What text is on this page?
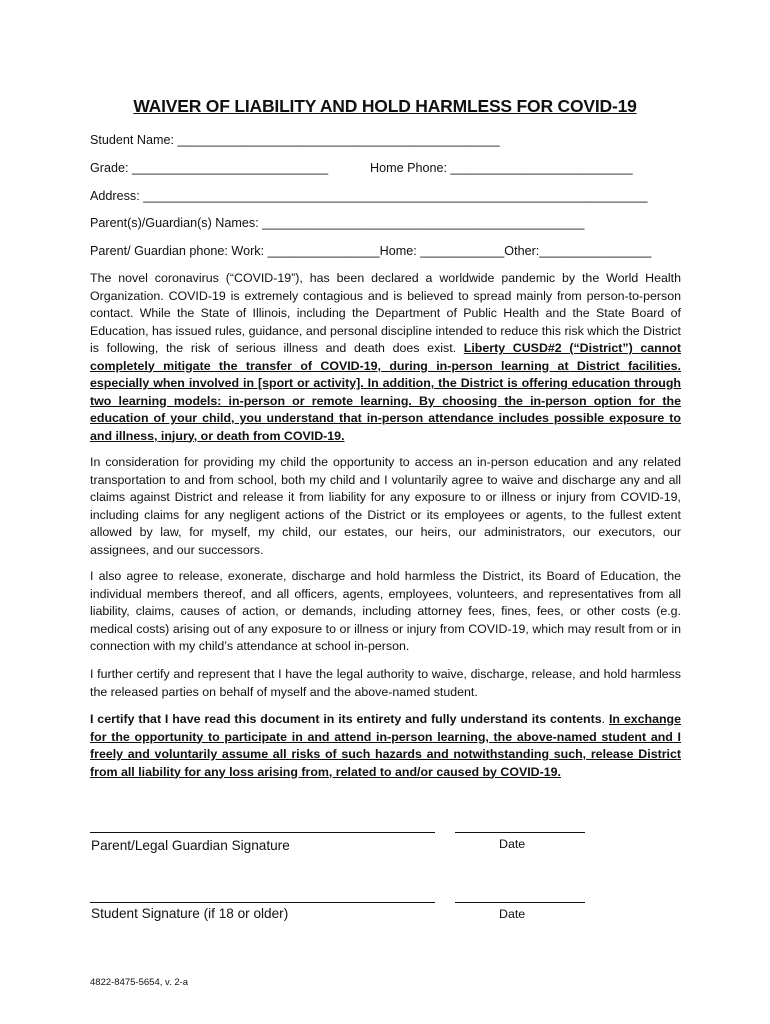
WAIVER OF LIABILITY AND HOLD HARMLESS FOR COVID-19
Student Name: ______________________________________________
Grade: ____________________________	Home Phone: __________________________
Address: ________________________________________________________________________
Parent(s)/Guardian(s) Names: ______________________________________________
Parent/ Guardian phone: Work: ________________Home: ____________Other:________________

The novel coronavirus (“COVID-19”), has been declared a worldwide pandemic by the World Health Organization. COVID-19 is extremely contagious and is believed to spread mainly from person-to-person contact. While the State of Illinois, including the Department of Public Health and the State Board of Education, has issued rules, guidance, and personal discipline intended to reduce this risk which the District is following, the risk of serious illness and death does exist. Liberty CUSD#2 (“District”) cannot completely mitigate the transfer of COVID-19, during in-person learning at District facilities. especially when involved in [sport or activity]. In addition, the District is offering education through two learning models: in-person or remote learning. By choosing the in-person option for the education of your child, you understand that in-person attendance includes possible exposure to and illness, injury, or death from COVID-19.

In consideration for providing my child the opportunity to access an in-person education and any related transportation to and from school, both my child and I voluntarily agree to waive and discharge any and all claims against District and release it from liability for any exposure to or illness or injury from COVID-19, including claims for any negligent actions of the District or its employees or agents, to the fullest extent allowed by law, for myself, my child, our estates, our heirs, our administrators, our executors, our assignees, and our successors.

I also agree to release, exonerate, discharge and hold harmless the District, its Board of Education, the individual members thereof, and all officers, agents, employees, volunteers, and representatives from all liability, claims, causes of action, or demands, including attorney fees, fines, fees, or other costs (e.g. medical costs) arising out of any exposure to or illness or injury from COVID-19, which may result from or in connection with my child’s attendance at school in-person.

I further certify and represent that I have the legal authority to waive, discharge, release, and hold harmless the released parties on behalf of myself and the above-named student.

I certify that I have read this document in its entirety and fully understand its contents. In exchange for the opportunity to participate in and attend in-person learning, the above-named student and I freely and voluntarily assume all risks of such hazards and notwithstanding such, release District from all liability for any loss arising from, related to and/or caused by COVID-19.

Parent/Legal Guardian Signature	Date
Student Signature (if 18 or older)	Date
4822-8475-5654, v. 2-a
